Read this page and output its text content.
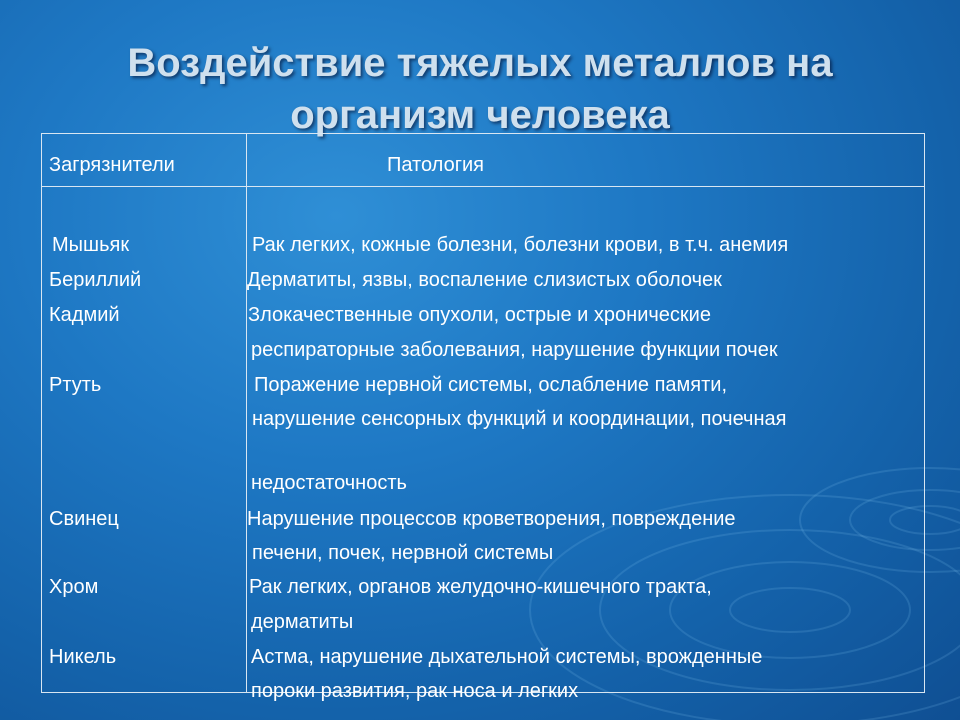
Воздействие тяжелых металлов на
организм человека
Загрязнители	Патология
Мышьяк	Рак легких, кожные болезни, болезни крови, в т.ч. анемия
Бериллий	Дерматиты, язвы, воспаление слизистых оболочек
Кадмий	Злокачественные опухоли, острые и хронические
респираторные заболевания, нарушение функции почек
Ртуть	Поражение нервной системы, ослабление памяти,
нарушение сенсорных функций и координации, почечная
недостаточность
Свинец	Нарушение процессов кроветворения, повреждение
печени, почек, нервной системы
Хром	Рак легких, органов желудочно-кишечного тракта,
дерматиты
Никель	Астма, нарушение дыхательной системы, врожденные
пороки развития, рак носа и легких
